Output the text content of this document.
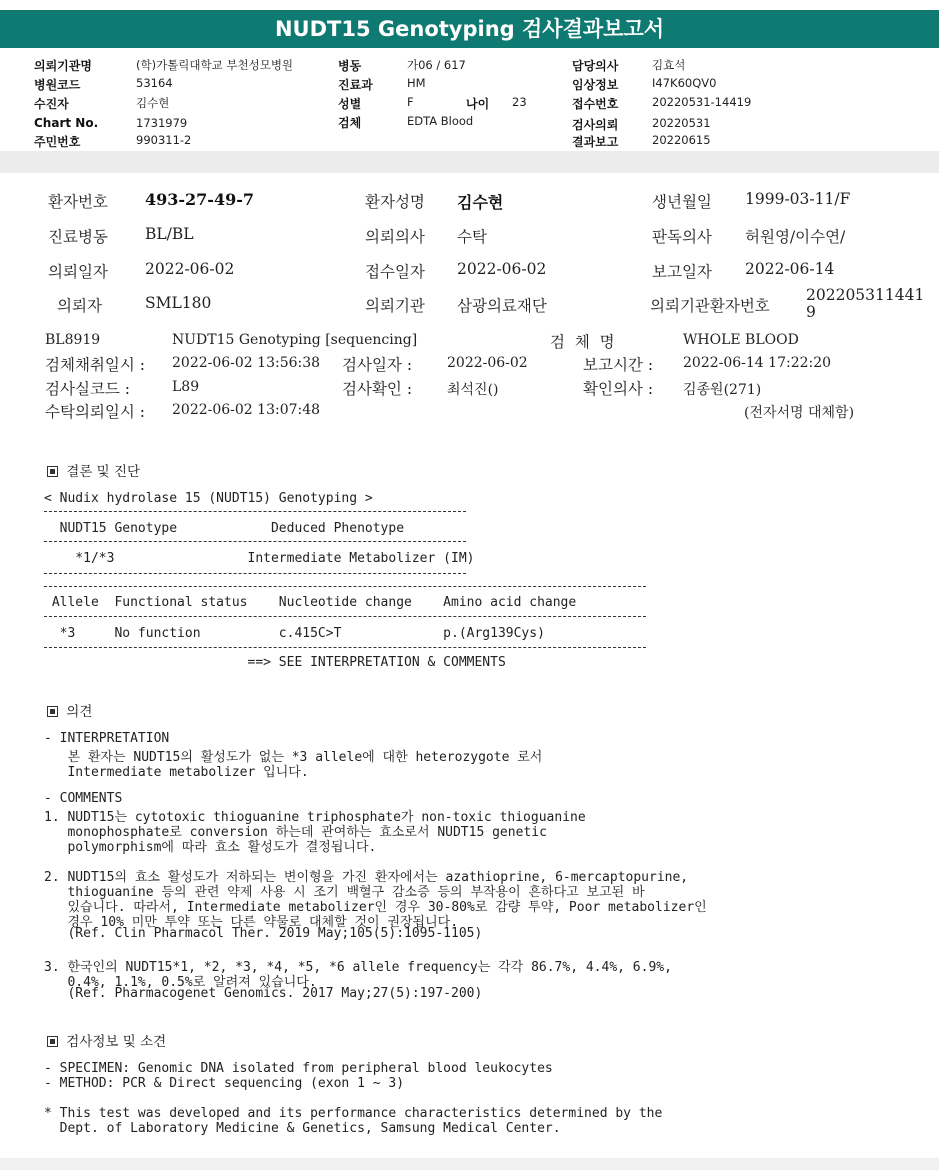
NUDT15 Genotyping 검사결과보고서
의뢰기관명	(학)가톨릭대학교 부천성모병원
병원코드	53164
수진자	김수현
Chart No.	1731979
주민번호	990311-2
병동	가06 / 617
진료과	HM
성별	F	나이 23
검체	EDTA Blood
담당의사	김효석
임상정보	I47K60QV0
접수번호	20220531-14419
검사의뢰	20220531
결과보고	20220615
환자번호 493-27-49-7	환자성명 김수현	생년월일 1999-03-11/F
진료병동 BL/BL	의뢰의사 수탁	판독의사 허원영/이수연/
의뢰일자 2022-06-02	접수일자 2022-06-02	보고일자 2022-06-14
의뢰자	SML180	의뢰기관 삼광의료재단	의뢰기관환자번호
202205311441
9
BL8919	NUDT15 Genotyping [sequencing]	검  체  명	WHOLE BLOOD
검체채취일시 : 2022-06-02 13:56:38 검사일자 : 2022-06-02	보고시간 : 2022-06-14 17:22:20
검사실코드 :	L89	검사확인 : 최석진()	확인의사 : 김종원(271)
수탁의뢰일시 : 2022-06-02 13:07:48	(전자서명 대체함)
결론 및 진단
< Nudix hydrolase 15 (NUDT15) Genotyping >
NUDT15 Genotype            Deduced Phenotype
*1/*3                 Intermediate Metabolizer (IM)
Allele  Functional status    Nucleotide change    Amino acid change
*3     No function          c.415C>T             p.(Arg139Cys)
==> SEE INTERPRETATION & COMMENTS
의견
- INTERPRETATION
본 환자는 NUDT15의 활성도가 없는 *3 allele에 대한 heterozygote 로서
Intermediate metabolizer 입니다.
- COMMENTS
1. NUDT15는 cytotoxic thioguanine triphosphate가 non-toxic thioguanine
monophosphate로 conversion 하는데 관여하는 효소로서 NUDT15 genetic
polymorphism에 따라 효소 활성도가 결정됩니다.
2. NUDT15의 효소 활성도가 저하되는 변이형을 가진 환자에서는 azathioprine, 6-mercaptopurine,
thioguanine 등의 관련 약제 사용 시 조기 백혈구 감소증 등의 부작용이 흔하다고 보고된 바
있습니다. 따라서, Intermediate metabolizer인 경우 30-80%로 감량 투약, Poor metabolizer인
경우 10% 미만 투약 또는 다른 약물로 대체할 것이 권장됩니다.
(Ref. Clin Pharmacol Ther. 2019 May;105(5):1095-1105)
3. 한국인의 NUDT15*1, *2, *3, *4, *5, *6 allele frequency는 각각 86.7%, 4.4%, 6.9%,
0.4%, 1.1%, 0.5%로 알려져 있습니다.
(Ref. Pharmacogenet Genomics. 2017 May;27(5):197-200)
검사정보 및 소견
- SPECIMEN: Genomic DNA isolated from peripheral blood leukocytes
- METHOD: PCR & Direct sequencing (exon 1 ~ 3)
* This test was developed and its performance characteristics determined by the
Dept. of Laboratory Medicine & Genetics, Samsung Medical Center.
